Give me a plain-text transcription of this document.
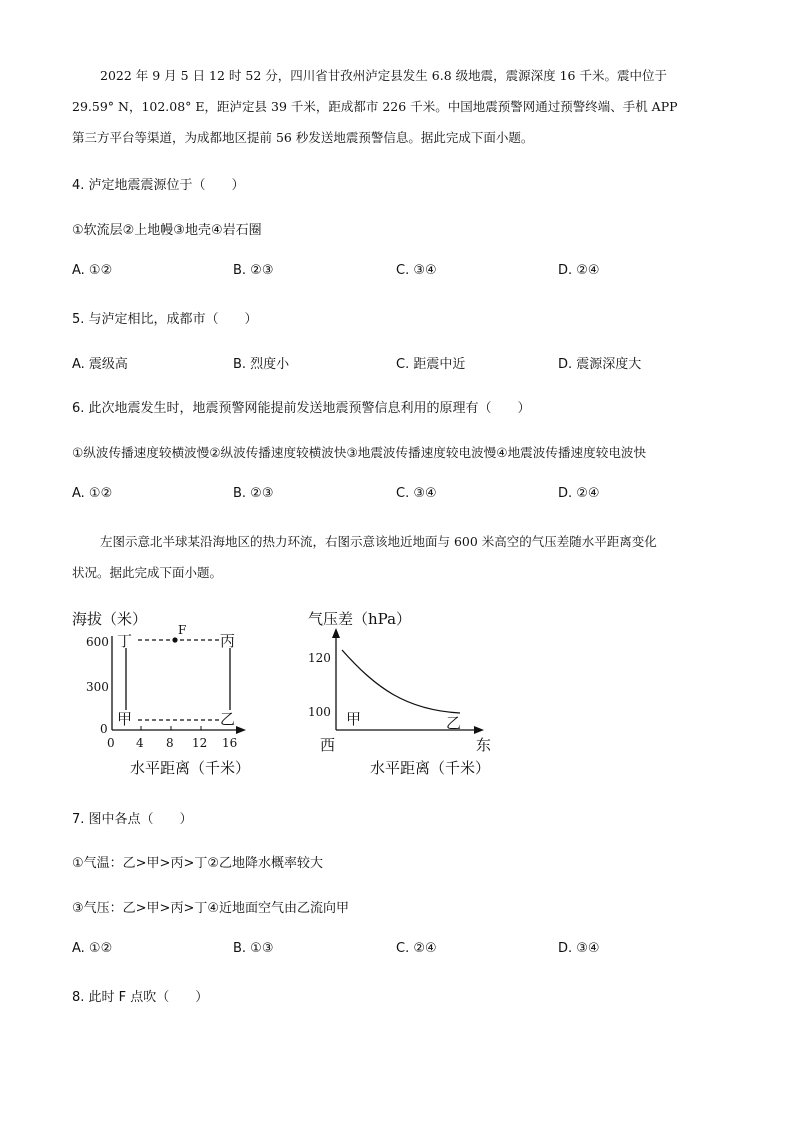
2022 年 9 月 5 日 12 时 52 分，四川省甘孜州泸定县发生 6.8 级地震，震源深度 16 千米。震中位于
29.59° N，102.08° E，距泸定县 39 千米，距成都市 226 千米。中国地震预警网通过预警终端、手机 APP
第三方平台等渠道，为成都地区提前 56 秒发送地震预警信息。据此完成下面小题。
4. 泸定地震震源位于（　　）
①软流层②上地幔③地壳④岩石圈
A. ①②	B. ②③	C. ③④	D. ②④
5. 与泸定相比，成都市（　　）
A. 震级高	B. 烈度小	C. 距震中近	D. 震源深度大
6. 此次地震发生时，地震预警网能提前发送地震预警信息利用的原理有（　　）
①纵波传播速度较横波慢②纵波传播速度较横波快③地震波传播速度较电波慢④地震波传播速度较电波快
A. ①②	B. ②③	C. ③④	D. ②④
左图示意北半球某沿海地区的热力环流，右图示意该地近地面与 600 米高空的气压差随水平距离变化
状况。据此完成下面小题。
海拔（米）
600
300
0
0 4 8 12 16
F
丁	丙
甲	乙
水平距离（千米）
气压差（hPa）
120
100 甲	乙
西	东
水平距离（千米）
7. 图中各点（　　）
①气温：乙>甲>丙>丁②乙地降水概率较大
③气压：乙>甲>丙>丁④近地面空气由乙流向甲
A. ①②	B. ①③	C. ②④	D. ③④
8. 此时 F 点吹（　　）
